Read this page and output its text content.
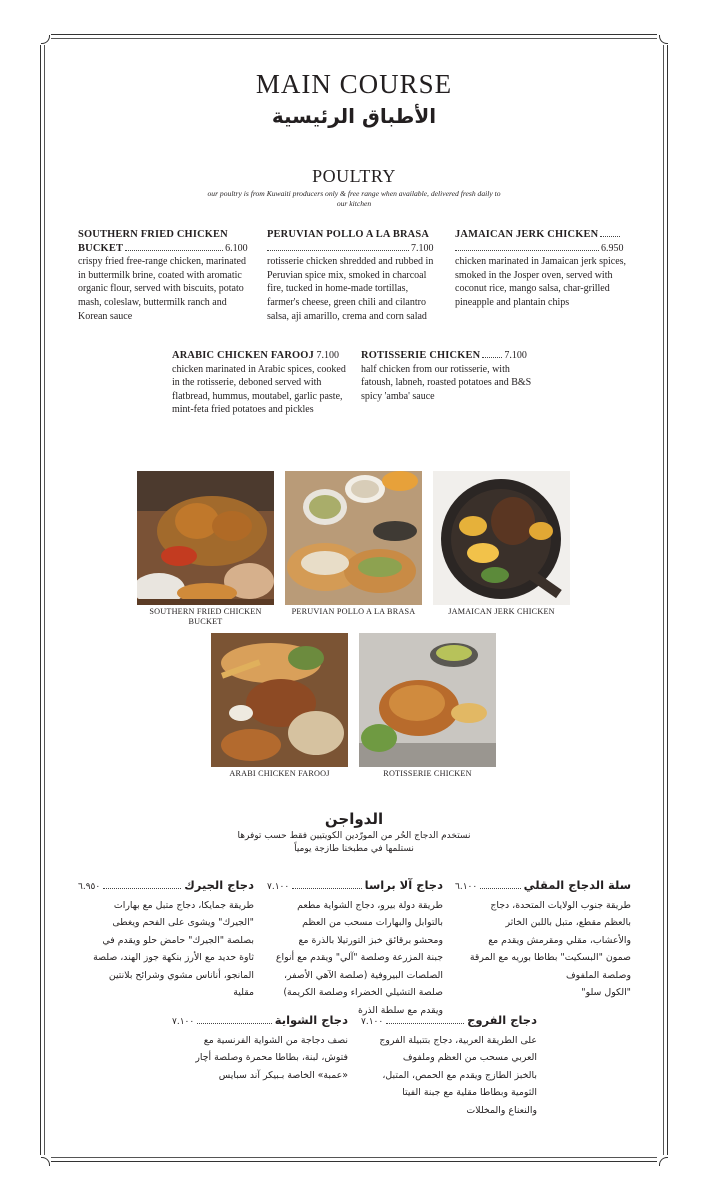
MAIN COURSE
الأطباق الرئيسية
POULTRY
our poultry is from Kuwaiti producers only & free range when available, delivered fresh daily to our kitchen
SOUTHERN FRIED CHICKEN
BUCKET	6.100
crispy fried free-range chicken, marinated in buttermilk brine, coated with aromatic organic flour, served with biscuits, potato mash, coleslaw, buttermilk ranch and Korean sauce
PERUVIAN POLLO A LA BRASA
7.100
rotisserie chicken shredded and rubbed in Peruvian spice mix, smoked in charcoal fire, tucked in home-made tortillas, farmer's cheese, green chili and cilantro salsa, aji amarillo, crema and corn salad
JAMAICAN JERK CHICKEN
6.950
chicken marinated in Jamaican jerk spices, smoked in the Josper oven, served with coconut rice, mango salsa, char-grilled pineapple and plantain chips
ARABIC CHICKEN FAROOJ 7.100
chicken marinated in Arabic spices, cooked in the rotisserie, deboned served with flatbread, hummus, moutabel, garlic paste, mint-feta fried potatoes and pickles
ROTISSERIE CHICKEN 7.100
half chicken from our rotisserie, with fatoush, labneh, roasted potatoes and B&S spicy 'amba' sauce
SOUTHERN FRIED CHICKEN
BUCKET
PERUVIAN POLLO A LA BRASA	JAMAICAN JERK CHICKEN
ARABI CHICKEN FAROOJ	ROTISSERIE CHICKEN
الدواجن
نستخدم الدجاج الحُر من المورّدين الكويتيين فقط حسب توفرها
نستلمها في مطبخنا طازجة يومياً
سلة الدجاج المقلي
٦.١٠٠
طريقة جنوب الولايات المتحدة، دجاج
بالعظم مقطع، متبل باللبن الخاثر
والأعشاب، مقلي ومقرمش ويقدم مع
صمون "البسكيت" بطاطا بوريه مع المرقة
وصلصة الملفوف
"الكول سلو"
دجاج آلا براسا
٧.١٠٠
طريقة دولة بيرو، دجاج الشواية مطعم
بالتوابل والبهارات مسحب من العظم
ومحشو برقائق خبز التورتيلا بالذرة مع
جبنة المزرعة وصلصة "آلي" ويقدم مع أنواع
الصلصات البيروفية (صلصة الآهي الأصفر،
صلصة التشيلي الخضراء وصلصة الكريمة)
ويقدم مع سلطة الذرة
دجاج الجيرك
٦.٩٥٠
طريقة جمايكا، دجاج متبل مع بهارات
"الجيرك" ويشوى على الفحم ويغطى
بصلصة "الجيرك" حامض حلو ويقدم في
ثاوة حديد مع الأرز بنكهة جوز الهند، صلصة
المانجو، أناناس مشوي وشرائح بلانتين
مقلية
دجاج الفروج
٧.١٠٠
على الطريقة العربية، دجاج بتتبيلة الفروج
العربي مسحب من العظم وملفوف
بالخبز الطازج ويقدم مع الحمص، المتبل،
الثومية وبطاطا مقلية مع جبنة الفيتا
والنعناع والمخللات
دجاج الشواية
٧.١٠٠
نصف دجاجة من الشواية الفرنسية مع
فتوش، لبنة، بطاطا محمرة وصلصة أچار
«عمبة» الخاصة بـبيكر آند سبايس
